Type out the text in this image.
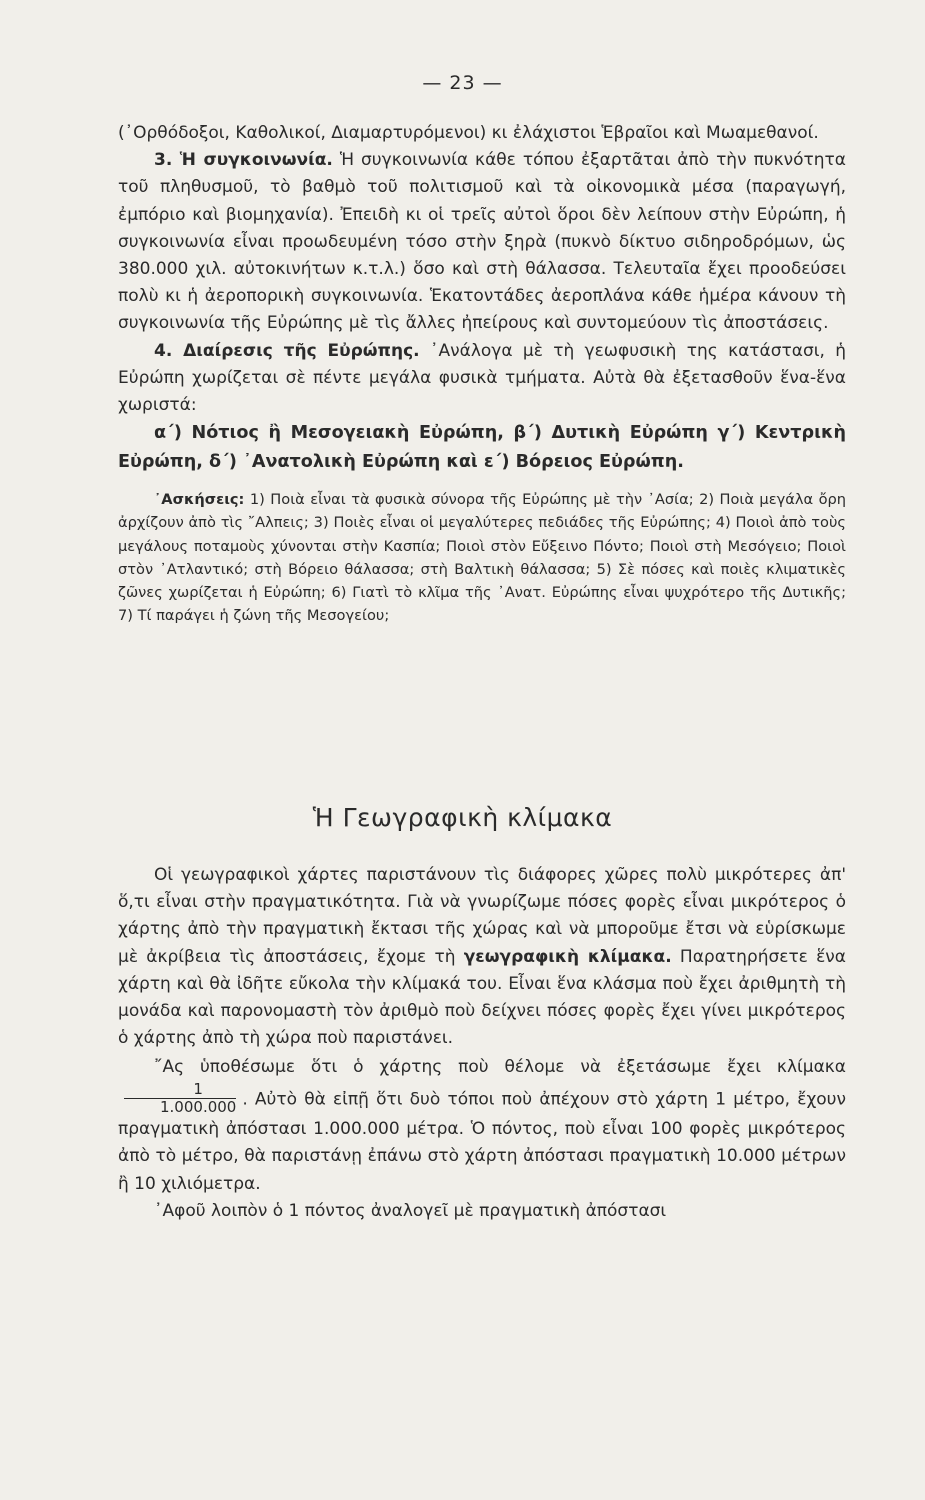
— 23 —

(᾿Ορθόδοξοι, Καθολικοί, Διαμαρτυρόμενοι) κι ἐλάχιστοι Ἑβραῖοι καὶ Μωαμεθανοί.

3. Ἡ συγκοινωνία. Ἡ συγκοινωνία κάθε τόπου ἐξαρτᾶται ἀπὸ τὴν πυκνότητα τοῦ πληθυσμοῦ, τὸ βαθμὸ τοῦ πολιτισμοῦ καὶ τὰ οἰκονομικὰ μέσα (παραγωγή, ἐμπόριο καὶ βιομηχανία). Ἐπειδὴ κι οἱ τρεῖς αὐτοὶ ὅροι δὲν λείπουν στὴν Εὐρώπη, ἡ συγκοινωνία εἶναι προωδευμένη τόσο στὴν ξηρὰ (πυκνὸ δίκτυο σιδηροδρόμων, ὡς 380.000 χιλ. αὐτοκινήτων κ.τ.λ.) ὅσο καὶ στὴ θάλασσα. Τελευταῖα ἔχει προοδεύσει πολὺ κι ἡ ἀεροπορικὴ συγκοινωνία. Ἑκατοντάδες ἀεροπλάνα κάθε ἡμέρα κάνουν τὴ συγκοινωνία τῆς Εὐρώπης μὲ τὶς ἄλλες ἠπείρους καὶ συντομεύουν τὶς ἀποστάσεις.

4. Διαίρεσις τῆς Εὐρώπης. ᾿Ανάλογα μὲ τὴ γεωφυσικὴ της κατάστασι, ἡ Εὐρώπη χωρίζεται σὲ πέντε μεγάλα φυσικὰ τμήματα. Αὐτὰ θὰ ἐξετασθοῦν ἕνα-ἕνα χωριστά:

α΄) Νότιος ἢ Μεσογειακὴ Εὐρώπη, β΄) Δυτικὴ Εὐρώπη γ΄) Κεντρικὴ Εὐρώπη, δ΄) ᾿Ανατολικὴ Εὐρώπη καὶ ε΄) Βόρειος Εὐρώπη.

᾿Ασκήσεις: 1) Ποιὰ εἶναι τὰ φυσικὰ σύνορα τῆς Εὐρώπης μὲ τὴν ᾿Ασία; 2) Ποιὰ μεγάλα ὄρη ἀρχίζουν ἀπὸ τὶς ῎Αλπεις; 3) Ποιὲς εἶναι οἱ μεγαλύτερες πεδιάδες τῆς Εὐρώπης; 4) Ποιοὶ ἀπὸ τοὺς μεγάλους ποταμοὺς χύνονται στὴν Κασπία; Ποιοὶ στὸν Εὔξεινο Πόντο; Ποιοὶ στὴ Μεσόγειο; Ποιοὶ στὸν ᾿Ατλαντικό; στὴ Βόρειο θάλασσα; στὴ Βαλτικὴ θάλασσα; 5) Σὲ πόσες καὶ ποιὲς κλιματικὲς ζῶνες χωρίζεται ἡ Εὐρώπη; 6) Γιατὶ τὸ κλῖμα τῆς ᾿Ανατ. Εὐρώπης εἶναι ψυχρότερο τῆς Δυτικῆς; 7) Τί παράγει ἡ ζώνη τῆς Μεσογείου;

Ἡ Γεωγραφικὴ κλίμακα

Οἱ γεωγραφικοὶ χάρτες παριστάνουν τὶς διάφορες χῶρες πολὺ μικρότερες ἀπ' ὅ,τι εἶναι στὴν πραγματικότητα. Γιὰ νὰ γνωρίζωμε πόσες φορὲς εἶναι μικρότερος ὁ χάρτης ἀπὸ τὴν πραγματικὴ ἔκτασι τῆς χώρας καὶ νὰ μποροῦμε ἔτσι νὰ εὑρίσκωμε μὲ ἀκρίβεια τὶς ἀποστάσεις, ἔχομε τὴ γεωγραφικὴ κλίμακα. Παρατηρήσετε ἕνα χάρτη καὶ θὰ ἰδῆτε εὔκολα τὴν κλίμακά του. Εἶναι ἕνα κλάσμα ποὺ ἔχει ἀριθμητὴ τὴ μονάδα καὶ παρονομαστὴ τὸν ἀριθμὸ ποὺ δείχνει πόσες φορὲς ἔχει γίνει μικρότερος ὁ χάρτης ἀπὸ τὴ χώρα ποὺ παριστάνει.

῎Ας ὑποθέσωμε ὅτι ὁ χάρτης ποὺ θέλομε νὰ ἐξετάσωμε ἔχει κλίμακα
$\frac{1}{1.000.000}$ . Αὐτὸ θὰ εἰπῇ ὅτι δυὸ τόποι ποὺ ἀπέχουν στὸ χάρτη 1 μέτρο, ἔχουν πραγματικὴ ἀπόστασι 1.000.000 μέτρα. Ὁ πόντος, ποὺ εἶναι 100 φορὲς μικρότερος ἀπὸ τὸ μέτρο, θὰ παριστάνῃ ἐπάνω στὸ χάρτη ἀπόστασι πραγματικὴ 10.000 μέτρων ἢ 10 χιλιόμετρα.

᾿Αφοῦ λοιπὸν ὁ 1 πόντος ἀναλογεῖ μὲ πραγματικὴ ἀπόστασι
